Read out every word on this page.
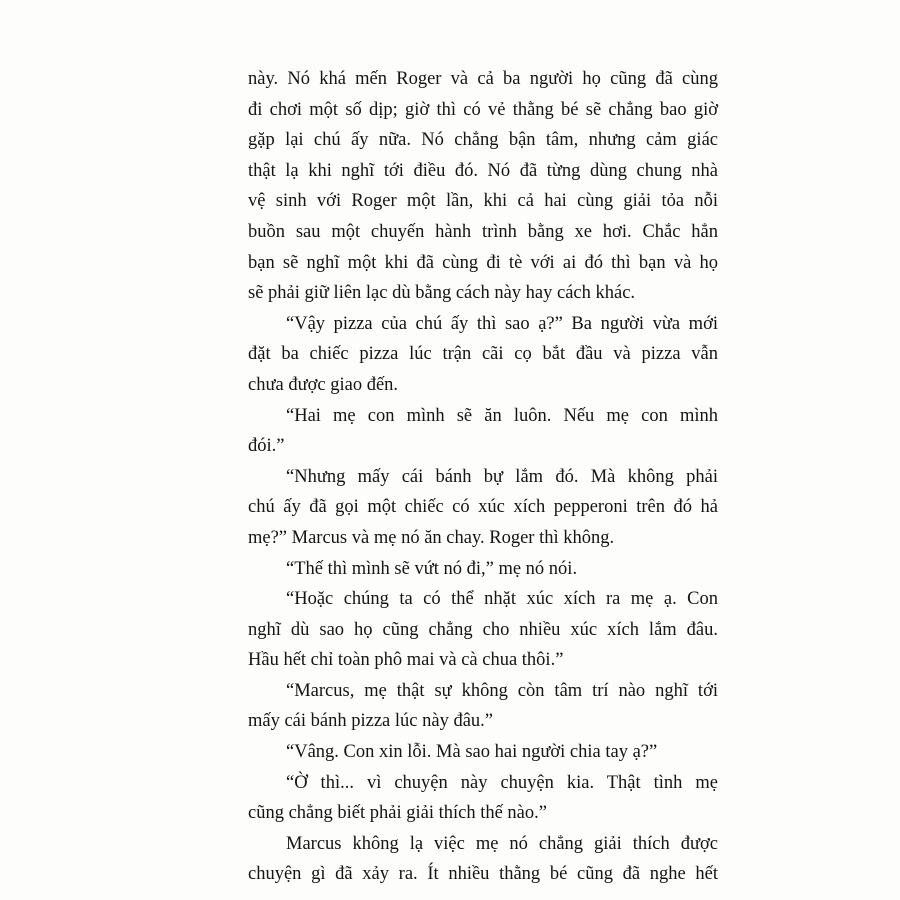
này. Nó khá mến Roger và cả ba người họ cũng đã cùng
đi chơi một số dịp; giờ thì có vẻ thằng bé sẽ chẳng bao giờ
gặp lại chú ấy nữa. Nó chẳng bận tâm, nhưng cảm giác
thật lạ khi nghĩ tới điều đó. Nó đã từng dùng chung nhà
vệ sinh với Roger một lần, khi cả hai cùng giải tỏa nỗi
buồn sau một chuyến hành trình bằng xe hơi. Chắc hẳn
bạn sẽ nghĩ một khi đã cùng đi tè với ai đó thì bạn và họ
sẽ phải giữ liên lạc dù bằng cách này hay cách khác.
“Vậy pizza của chú ấy thì sao ạ?” Ba người vừa mới
đặt ba chiếc pizza lúc trận cãi cọ bắt đầu và pizza vẫn
chưa được giao đến.
“Hai mẹ con mình sẽ ăn luôn. Nếu mẹ con mình
đói.”
“Nhưng mấy cái bánh bự lắm đó. Mà không phải
chú ấy đã gọi một chiếc có xúc xích pepperoni trên đó hả
mẹ?” Marcus và mẹ nó ăn chay. Roger thì không.
“Thế thì mình sẽ vứt nó đi,” mẹ nó nói.
“Hoặc chúng ta có thể nhặt xúc xích ra mẹ ạ. Con
nghĩ dù sao họ cũng chẳng cho nhiều xúc xích lắm đâu.
Hầu hết chỉ toàn phô mai và cà chua thôi.”
“Marcus, mẹ thật sự không còn tâm trí nào nghĩ tới
mấy cái bánh pizza lúc này đâu.”
“Vâng. Con xin lỗi. Mà sao hai người chia tay ạ?”
“Ờ thì... vì chuyện này chuyện kia. Thật tình mẹ
cũng chẳng biết phải giải thích thế nào.”
Marcus không lạ việc mẹ nó chẳng giải thích được
chuyện gì đã xảy ra. Ít nhiều thằng bé cũng đã nghe hết
